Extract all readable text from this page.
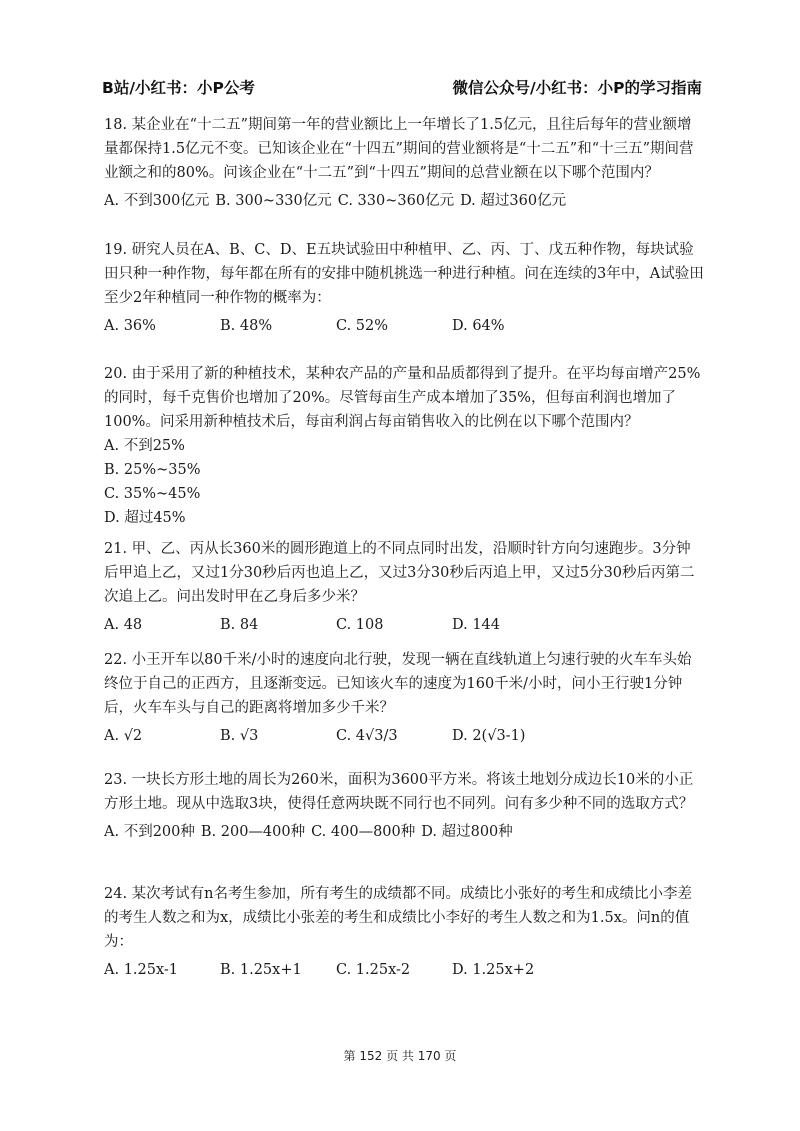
B站/小红书：小P公考	微信公众号/小红书：小P的学习指南

18. 某企业在“十二五”期间第一年的营业额比上一年增长了1.5亿元，且往后每年的营业额增量都保持1.5亿元不变。已知该企业在“十四五”期间的营业额将是“十二五”和“十三五”期间营业额之和的80%。问该企业在“十二五”到“十四五”期间的总营业额在以下哪个范围内？

A. 不到300亿元 B. 300~330亿元 C. 330~360亿元 D. 超过360亿元

19. 研究人员在A、B、C、D、E五块试验田中种植甲、乙、丙、丁、戊五种作物，每块试验田只种一种作物，每年都在所有的安排中随机挑选一种进行种植。问在连续的3年中，A试验田至少2年种植同一种作物的概率为：

A. 36%	B. 48%	C. 52%	D. 64%

20. 由于采用了新的种植技术，某种农产品的产量和品质都得到了提升。在平均每亩增产25%的同时，每千克售价也增加了20%。尽管每亩生产成本增加了35%，但每亩利润也增加了100%。问采用新种植技术后，每亩利润占每亩销售收入的比例在以下哪个范围内？

A. 不到25%
B. 25%~35%
C. 35%~45%
D. 超过45%

21. 甲、乙、丙从长360米的圆形跑道上的不同点同时出发，沿顺时针方向匀速跑步。3分钟后甲追上乙，又过1分30秒后丙也追上乙，又过3分30秒后丙追上甲，又过5分30秒后丙第二次追上乙。问出发时甲在乙身后多少米？

A. 48	B. 84	C. 108	D. 144

22. 小王开车以80千米/小时的速度向北行驶，发现一辆在直线轨道上匀速行驶的火车车头始终位于自己的正西方，且逐渐变远。已知该火车的速度为160千米/小时，问小王行驶1分钟后，火车车头与自己的距离将增加多少千米？

A. √2	B. √3	C. 4√3/3	D. 2(√3-1)

23. 一块长方形土地的周长为260米，面积为3600平方米。将该土地划分成边长10米的小正方形土地。现从中选取3块，使得任意两块既不同行也不同列。问有多少种不同的选取方式？

A. 不到200种 B. 200—400种 C. 400—800种 D. 超过800种

24. 某次考试有n名考生参加，所有考生的成绩都不同。成绩比小张好的考生和成绩比小李差的考生人数之和为x，成绩比小张差的考生和成绩比小李好的考生人数之和为1.5x。问n的值为：

A. 1.25x-1	B. 1.25x+1	C. 1.25x-2	D. 1.25x+2
第 152 页 共 170 页
